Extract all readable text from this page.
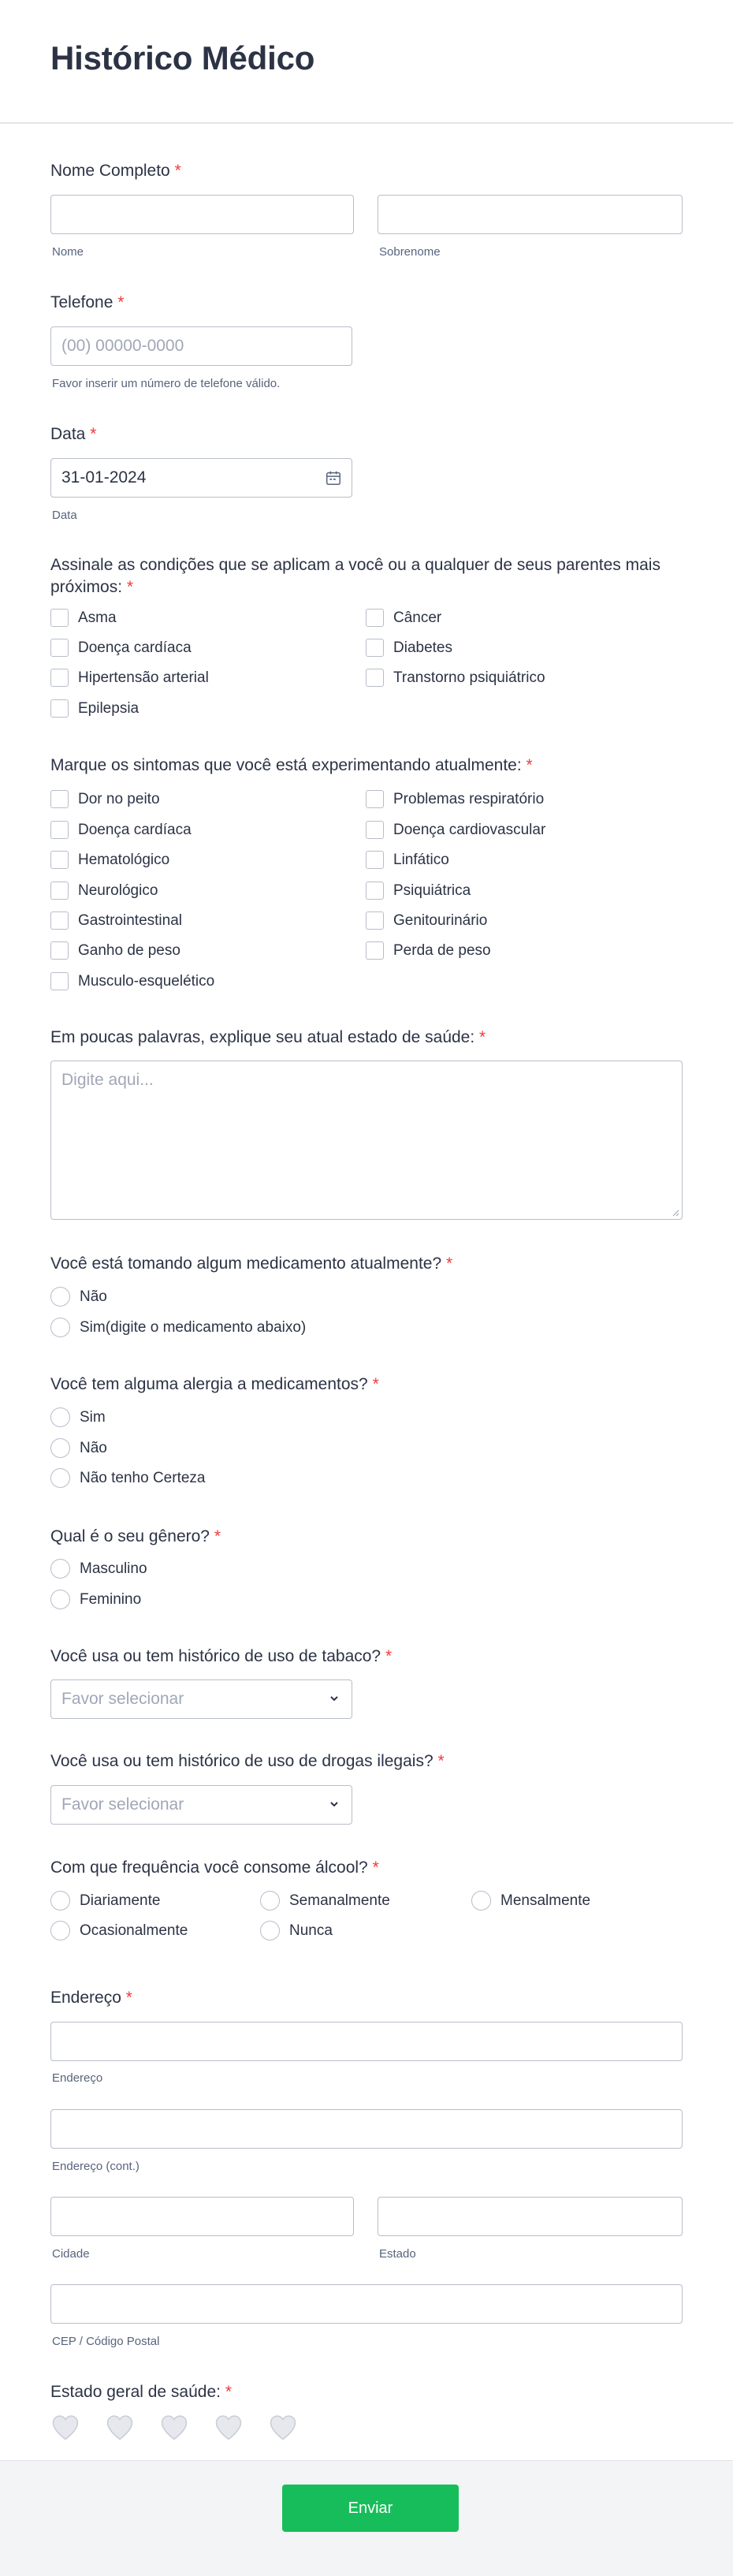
Histórico Médico
Nome Completo *
Nome	Sobrenome
Telefone *
(00) 00000-0000
Favor inserir um número de telefone válido.
Data *
31-01-2024
Data
Assinale as condições que se aplicam a você ou a qualquer de seus parentes mais
próximos: *
Asma	Câncer
Doença cardíaca	Diabetes
Hipertensão arterial	Transtorno psiquiátrico
Epilepsia
Marque os sintomas que você está experimentando atualmente: *
Dor no peito	Problemas respiratório
Doença cardíaca	Doença cardiovascular
Hematológico	Linfático
Neurológico	Psiquiátrica
Gastrointestinal	Genitourinário
Ganho de peso	Perda de peso
Musculo-esquelético
Em poucas palavras, explique seu atual estado de saúde: *
Digite aqui...
Você está tomando algum medicamento atualmente? *
Não
Sim(digite o medicamento abaixo)
Você tem alguma alergia a medicamentos? *
Sim
Não
Não tenho Certeza
Qual é o seu gênero? *
Masculino
Feminino
Você usa ou tem histórico de uso de tabaco? *
Favor selecionar
Você usa ou tem histórico de uso de drogas ilegais? *
Favor selecionar
Com que frequência você consome álcool? *
Diariamente	Semanalmente	Mensalmente
Ocasionalmente	Nunca
Endereço *
Endereço
Endereço (cont.)
Cidade	Estado
CEP / Código Postal
Estado geral de saúde: *
Enviar
